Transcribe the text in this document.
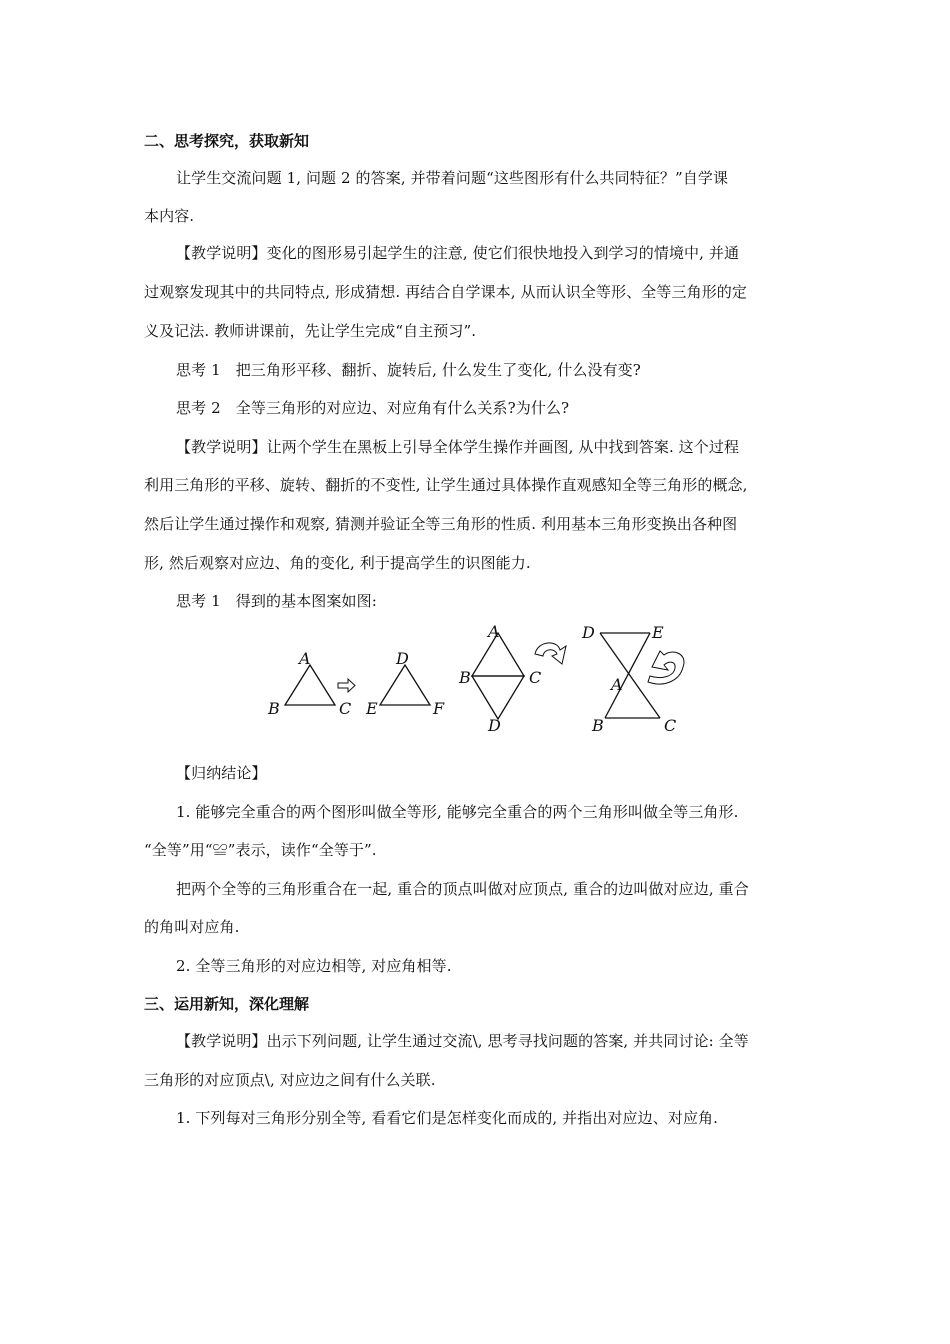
二、思考探究，获取新知
让学生交流问题 1, 问题 2 的答案, 并带着问题“这些图形有什么共同特征？”自学课
本内容.
【教学说明】变化的图形易引起学生的注意, 使它们很快地投入到学习的情境中, 并通
过观察发现其中的共同特点, 形成猜想. 再结合自学课本, 从而认识全等形、全等三角形的定
义及记法. 教师讲课前，先让学生完成“自主预习”.
思考 1　把三角形平移、翻折、旋转后, 什么发生了变化, 什么没有变?
思考 2　全等三角形的对应边、对应角有什么关系?为什么?
【教学说明】让两个学生在黑板上引导全体学生操作并画图, 从中找到答案. 这个过程
利用三角形的平移、旋转、翻折的不变性, 让学生通过具体操作直观感知全等三角形的概念,
然后让学生通过操作和观察, 猜测并验证全等三角形的性质. 利用基本三角形变换出各种图
形, 然后观察对应边、角的变化, 利于提高学生的识图能力.
思考 1　得到的基本图案如图:
A
B	C
D
E	F
A
B	C
D
D	E
A
B	C
【归纳结论】
1. 能够完全重合的两个图形叫做全等形, 能够完全重合的两个三角形叫做全等三角形.
“全等”用“≌”表示，读作“全等于”.
把两个全等的三角形重合在一起, 重合的顶点叫做对应顶点, 重合的边叫做对应边, 重合
的角叫对应角.
2. 全等三角形的对应边相等, 对应角相等.
三、运用新知，深化理解
【教学说明】出示下列问题, 让学生通过交流\, 思考寻找问题的答案, 并共同讨论: 全等
三角形的对应顶点\, 对应边之间有什么关联.
1. 下列每对三角形分别全等, 看看它们是怎样变化而成的, 并指出对应边、对应角.
